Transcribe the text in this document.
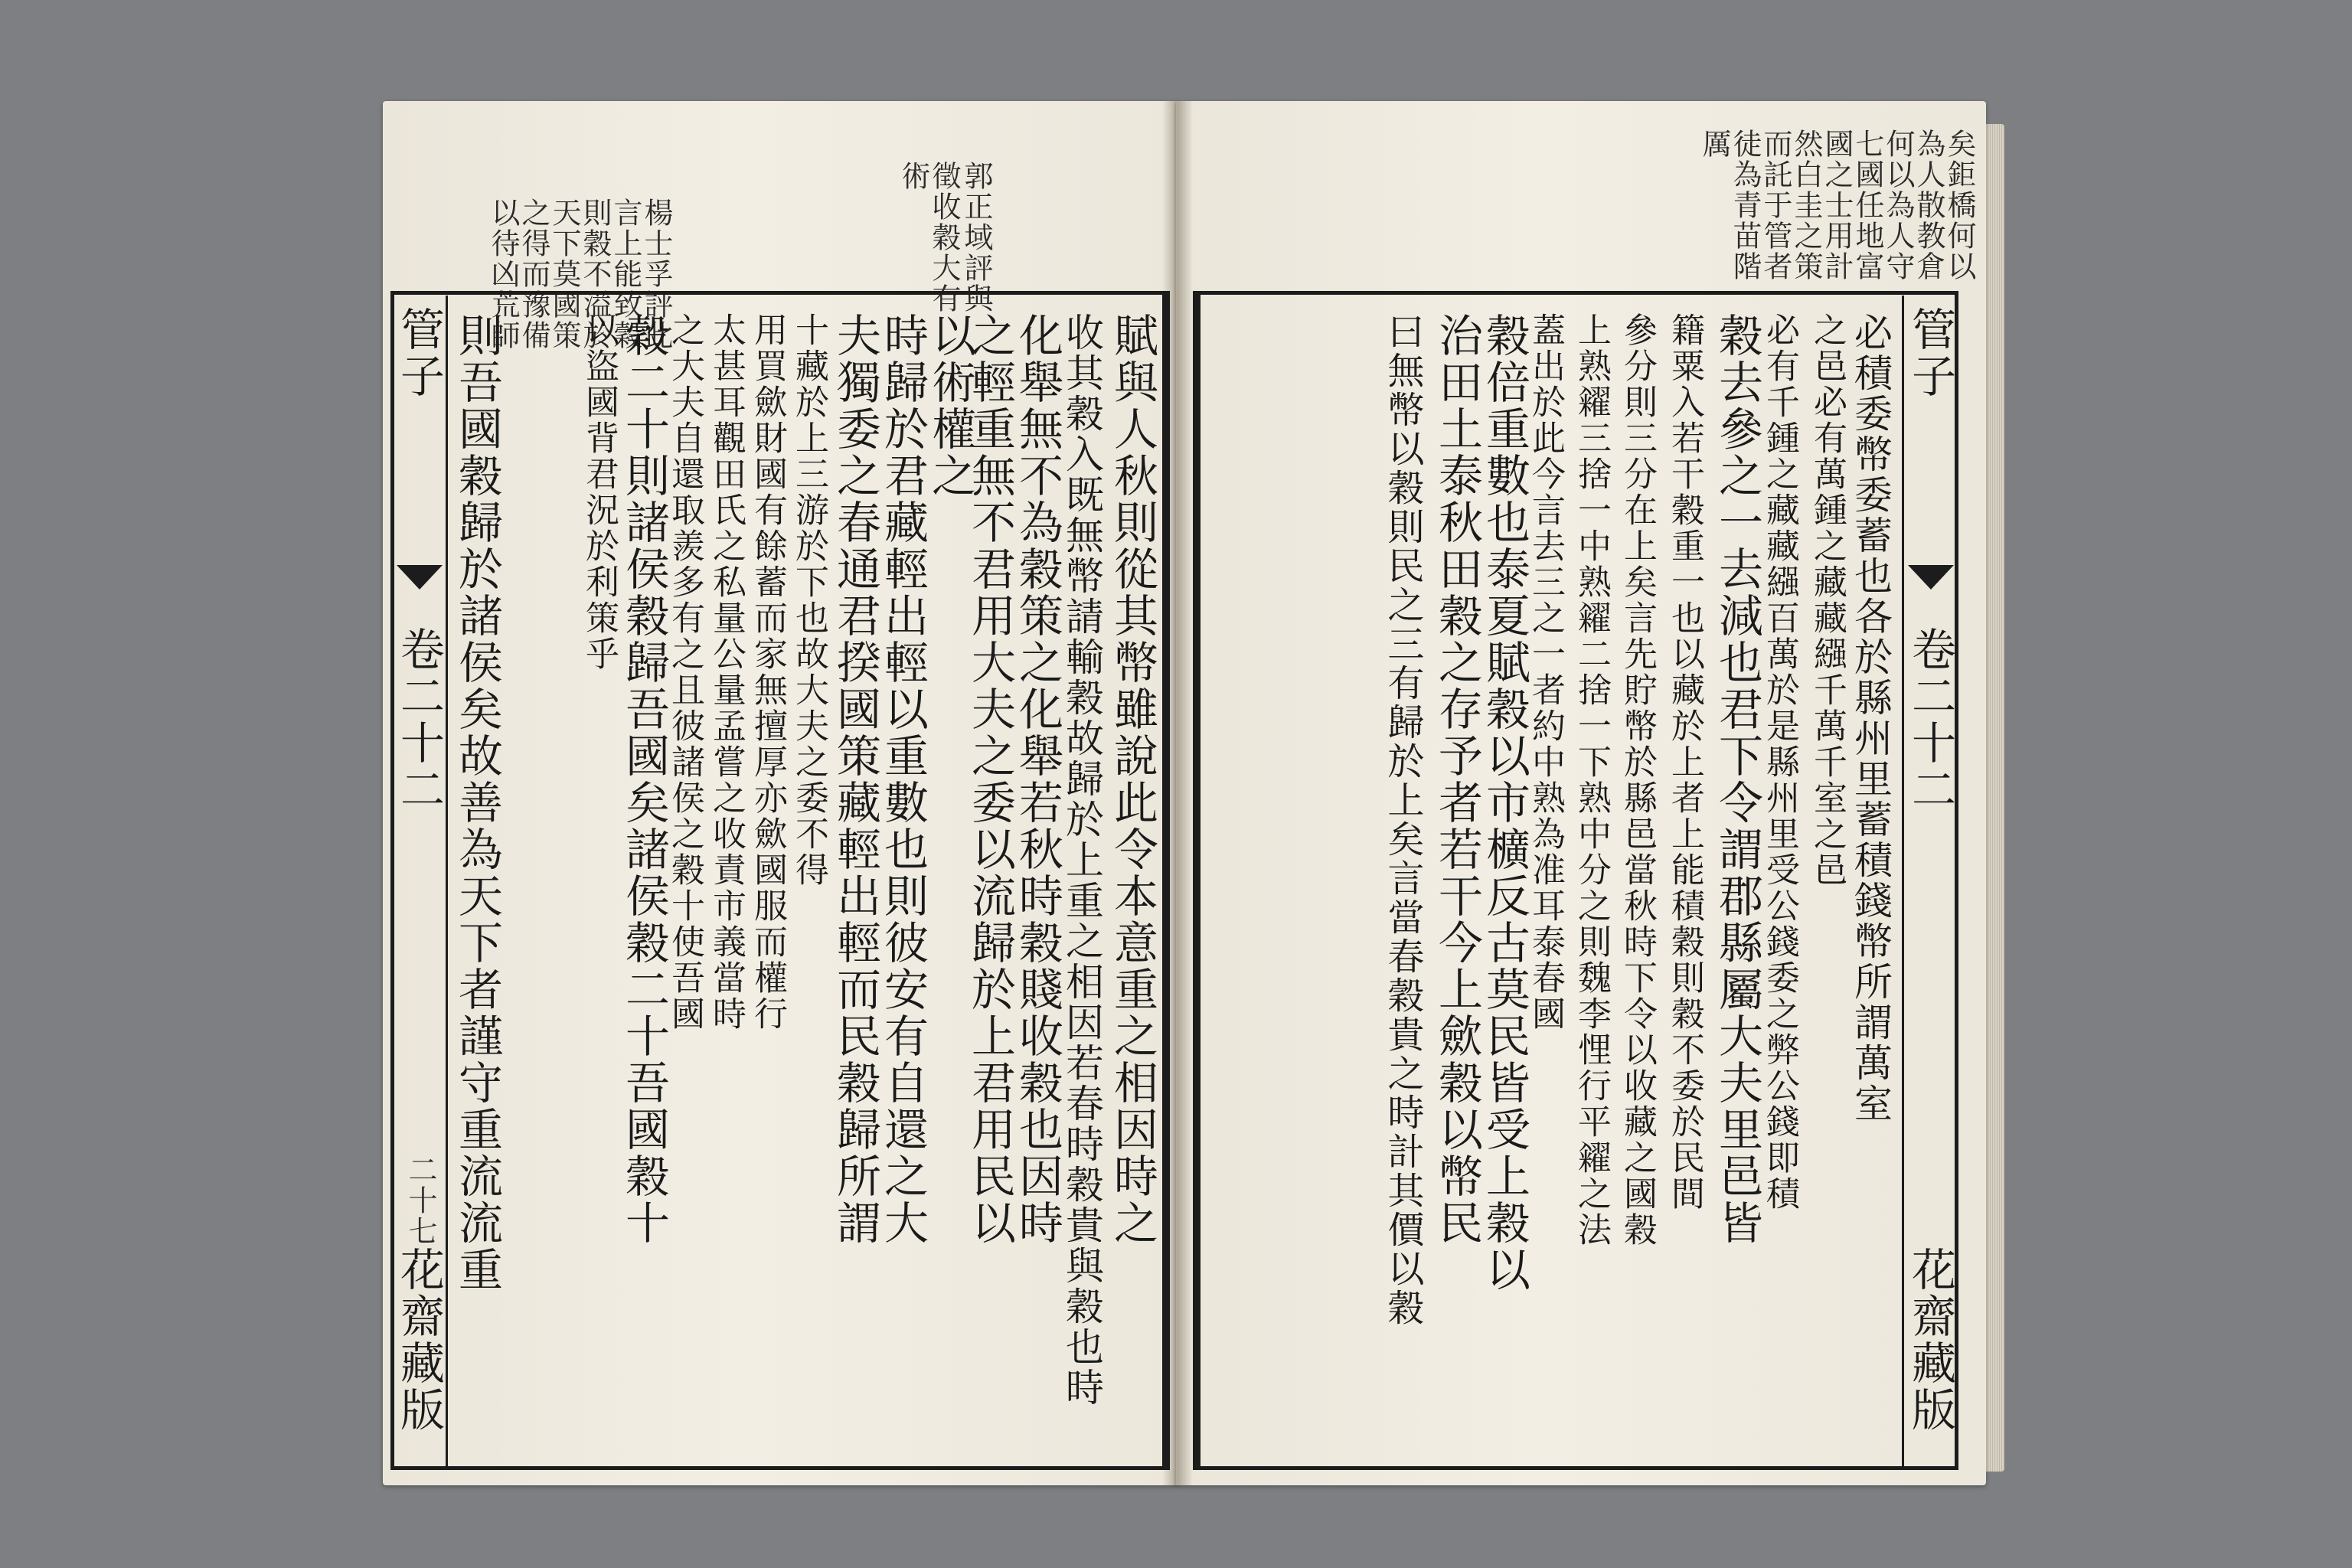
郭正域評與
徵收穀大有
術
楊士孚評此
言上能致穀
則穀不溢於
天下莫國策
之得而豫備
以待凶荒師
管子
卷二十二
二十七
花齋藏版
賦與人秋則從其幣雖說此令本意重之相因時之
收其穀入既無幣請輸穀故歸於上重之相因若春時穀貴與穀也時
化舉無不為穀策之化舉若秋時穀賤收穀也因時
之輕重無不君用大夫之委以流歸於上君用民以
以術權之
時歸於君藏輕出輕以重數也則彼安有自還之大
夫獨委之春通君揆國策藏輕出輕而民穀歸所謂
十藏於上三游於下也故大夫之委不得
用買歛財國有餘蓄而家無擅厚亦歛國服而權行
太甚耳觀田氏之私量公量孟嘗之收責市義當時
之大夫自還取羨多有之且彼諸侯之穀十使吾國
穀二十則諸侯穀歸吾國矣諸侯穀二十吾國穀十
以盜國背君況於利策乎
則吾國穀歸於諸侯矣故善為天下者謹守重流流重
矣鉅橋何以
為人散教倉
何以為人守
七國任地富
國之士用計
然白圭之策
而託于管者
徒為青苗階
厲
管子
卷二十二
花齋藏版
必積委幣委蓄也各於縣州里蓄積錢幣所謂萬室
之邑必有萬鍾之藏藏繦千萬千室之邑
必有千鍾之藏藏繦百萬於是縣州里受公錢委之弊公錢即積
穀去參之一去減也君下令謂郡縣屬大夫里邑皆
籍粟入若干穀重一也以藏於上者上能積穀則穀不委於民間
參分則三分在上矣言先貯幣於縣邑當秋時下令以收藏之國穀
上熟糴三捨一中熟糴二捨一下熟中分之則魏李悝行平糴之法
蓋出於此今言去三之一者約中熟為准耳泰春國
穀倍重數也泰夏賦穀以市櫎反古莫民皆受上穀以
治田土泰秋田穀之存予者若干今上歛穀以幣民
曰無幣以穀則民之三有歸於上矣言當春穀貴之時計其價以穀
